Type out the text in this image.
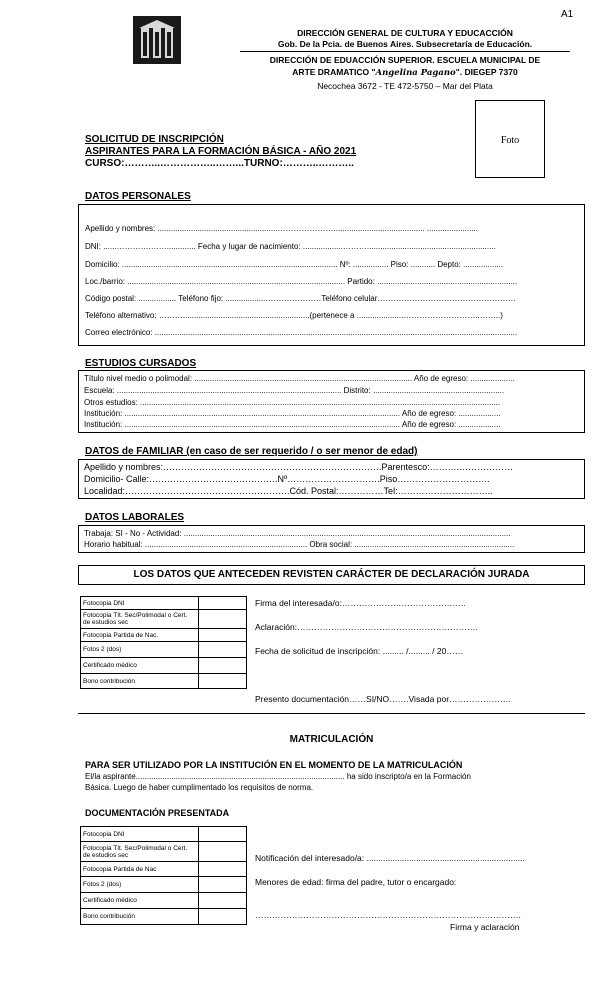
A1
DIRECCIÓN GENERAL DE CULTURA Y EDUCACCIÓN
Gob. De la Pcia. de Buenos Aires. Subsecretaría de Educación.
DIRECCIÓN DE EDUACCIÓN SUPERIOR. ESCUELA MUNICIPAL DE
ARTE DRAMATICO "Angelina Pagano". DIEGEP 7370
Necochea 3672 - TE 472-5750 – Mar del Plata
Foto
SOLICITUD DE INSCRIPCIÓN
ASPIRANTES PARA LA FORMACIÓN BÁSICA - AÑO 2021
CURSO:………..……………..……...TURNO:………..………..
DATOS PERSONALES
Apellido y nombres: ......................................................…………………......................................... .......................
DNI: ......………….……............. Fecha y lugar de nacimiento: ..................………..........................................................
Domicilio: ................................................................................................. Nº: ................ Piso: ........... Depto: ..................
Loc./barrio: .................................................................................................. Partido: ...............................................................
Código postal: ................. Teléfono fijo: ..................…………………Teléfono celular…………………………………………….
Teléfono alternativo: ……….........................................................(pertenece a .....................………………………..……..)
Correo electrónico: ...................................................................................................................................................................
ESTUDIOS CURSADOS
Título nivel medio o polimodal: .................................................................................................. Año de egreso: ....................
Escuela: ..................................................................................................... Distrito: ...........................................................
Otros estudios: ..................................................................................................................................................................
Institución: ............................................................................................................................ Año de egreso: ...................
Institución: ............................................................................................................................ Año de egreso: ...................
DATOS de FAMILIAR (en caso de ser requerido / o ser menor de edad)
Apellido y nombres:……………………………………………………………….Parentesco:……….………………
Domicilio- Calle:…………………………………….Nº………………………….Piso………………………….
Localidad:……………………………………………….Cód. Postal:……………Tel:…………………………..
DATOS LABORALES
Trabaja: SI - No - Actividad: ...................................................................................................................................................
Horario habitual: ......................................................................... Obra social: ........................................................................
LOS DATOS QUE ANTECEDEN REVISTEN CARÁCTER DE DECLARACIÓN JURADA
Fotocopia DNI	
Fotocopia Tít. Sec/Polimodal o Cert. de estudios sec	
Fotocopia Partida de Nac.	
Fotos 2 (dos)	
Certificado médico	
Bono contribución	
Firma del interesada/o:……………………………………..
Aclaración:……………………………………………………….
Fecha de solicitud de inscripción: ......... /......... / 20……
Presento documentación……SI/NO…….Visada por………………….
MATRICULACIÓN
PARA SER UTILIZADO POR LA INSTITUCIÓN EN EL MOMENTO DE LA MATRICULACIÓN
El/la aspirante.............................................................................................. ha sido inscripto/a en la Formación
Básica. Luego de haber cumplimentado los requisitos de norma.
DOCUMENTACIÓN PRESENTADA
Fotocopia DNI	
Fotocopia Tít. Sec/Polimodal o Cert. de estudios sec	
Fotocopia Partida de Nac	
Fotos 2 (dos)	
Certificado médico	
Bono contribución	
Notificación del interesado/a: ...................................................................
Menores de edad: firma del padre, tutor o encargado:
………………………………………………………………………………….
Firma y aclaración
